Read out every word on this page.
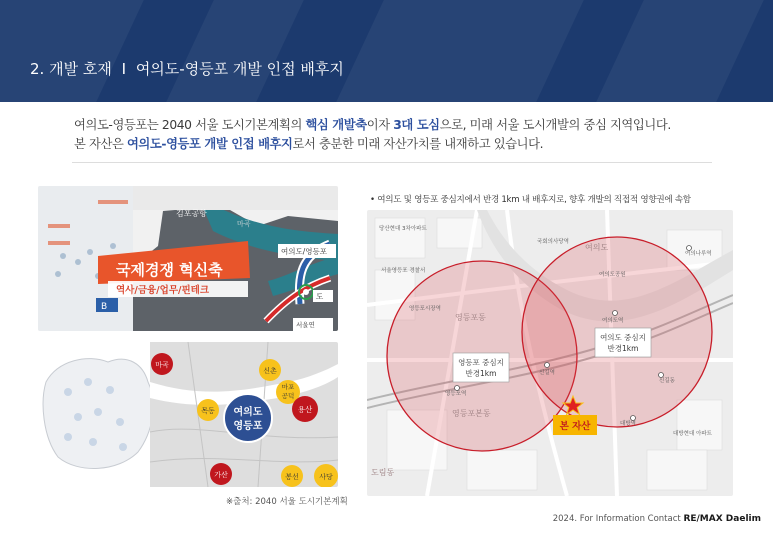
2. 개발 호재 I 여의도-영등포 개발 인접 배후지
여의도-영등포는 2040 서울 도시기본계획의 핵심 개발축이자 3대 도심으로, 미래 서울 도시개발의 중심 지역입니다.
본 자산은 여의도-영등포 개발 인접 배후지로서 충분한 미래 자산가치를 내재하고 있습니다.
김포공항
마곡
여의도/영등포
도
서울연
B
국제경쟁 혁신축
역사/금융/업무/핀테크
마곡
신촌
마포
공덕
목동	용산
가산	봉선	사당
여의도
영등포
※출처: 2040 서울 도시기본계획
• 여의도 및 영등포 중심지에서 반경 1km 내 배후지로, 향후 개발의 직접적 영향권에 속함
당산현대 3차아파트
서울영등포 경찰서
국회의사당역
여의나루역
여의도역
영등포시장역
영등포역
신길역
대방역
여의도공원
신길동
대방현대 아파트
여의도
영등포동
영등포본동
도림동
영등포 중심지
반경1km
여의도 중심지
반경1km
본 자산
2024. For Information Contact RE/MAX Daelim
